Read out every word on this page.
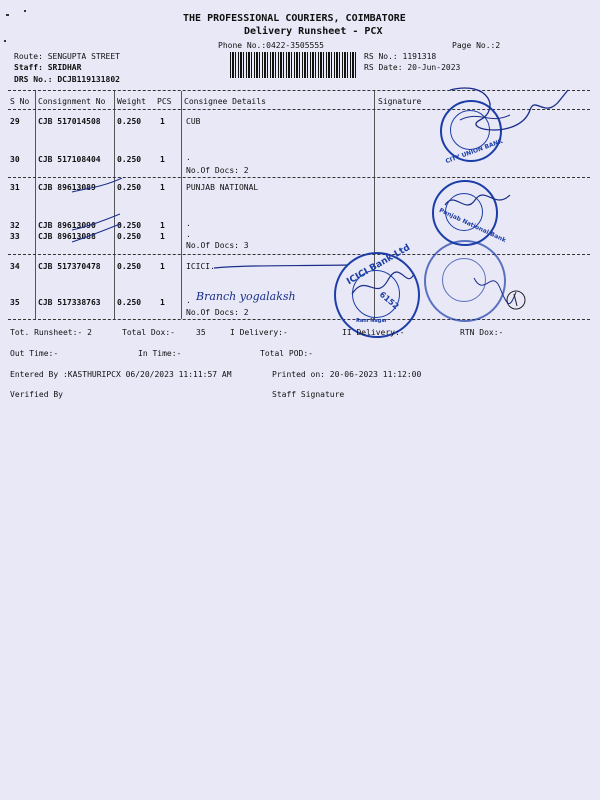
THE PROFESSIONAL COURIERS, COIMBATORE
Delivery Runsheet - PCX
Phone No.:0422-3505555	Page No.:2
Route: SENGUPTA STREET
Staff: SRIDHAR
DRS No.: DCJB119131802
RS No.: 1191318
RS Date: 20-Jun-2023
S No Consignment No Weight PCS Consignee Details	Signature
29 CJB 517014508 0.250 1	CUB
30 CJB 517108404 0.250 1	.
No.Of Docs: 2
31 CJB 89613089	0.250 1	PUNJAB NATIONAL
32 CJB 89613090	0.250 1	.
33 CJB 89613088	0.250 1	.
No.Of Docs: 3
34 CJB 517370478 0.250 1	ICICI.
35 CJB 517338763 0.250 1	.
No.Of Docs: 2
Branch yogalaksh
CITY UNION BANK
Punjab National Bank
ICICI Bank Ltd
6152
Ram Nagar
Tot. Runsheet:- 2	Total Dox:-	35	I Delivery:-	II Delivery:-	RTN Dox:-
Out Time:-	In Time:-	Total POD:-
Entered By :KASTHURIPCX 06/20/2023 11:11:57 AM	Printed on: 20-06-2023 11:12:00
Verified By	Staff Signature
